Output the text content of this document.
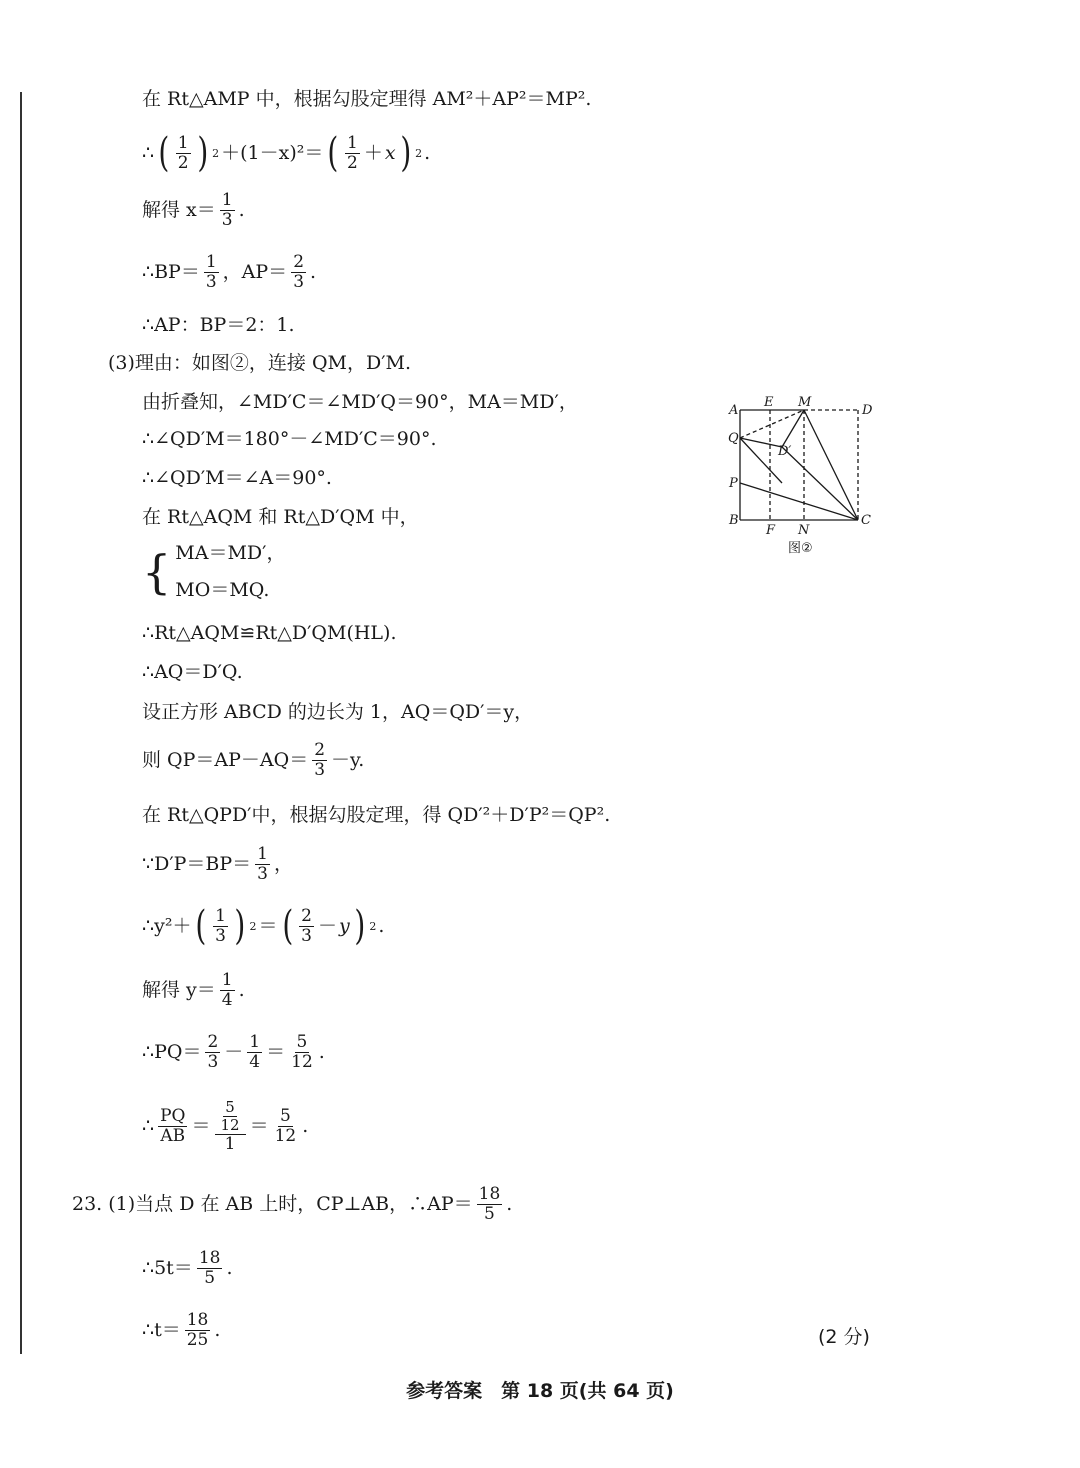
在 Rt△AMP 中，根据勾股定理得 AM²＋AP²＝MP².
∴ ( $\frac{1}{2}$ ) 2 ＋(1－x)²＝ ( $\frac{1}{2} + x$ ) 2 .
解得 $x= \frac{1}{3}$ .
∴BP＝ $\frac{1}{3}$ ，$AP= \frac{2}{3}$ .
∴AP：BP＝2：1.
(3)理由：如图②，连接 QM，D′M.
由折叠知，∠MD′C＝∠MD′Q＝90°，MA＝MD′，
∴∠QD′M＝180°－∠MD′C＝90°.
∴∠QD′M＝∠A＝90°.
在 Rt△AQM 和 Rt△D′QM 中，
{ MA＝MD′，
MO＝MQ.
∴Rt△AQM≌Rt△D′QM(HL).
∴AQ＝D′Q.
设正方形 ABCD 的边长为 1，AQ＝QD′＝y，
则 $QP=AP-AQ= \frac{2}{3} -y$.
在 Rt△QPD′中，根据勾股定理，得 QD′²＋D′P²＝QP².
∵D′P＝BP＝ $\frac{1}{3}$ ，
∴y²＋ ( $\frac{1}{3}$ ) 2 ＝ ( $\frac{2}{3} - y$ ) 2 .
解得 $y= \frac{1}{4}$ .
∴PQ＝ $\frac{2}{3} - \frac{1}{4} = \frac{5}{12}$ .
∴ $\frac{PQ}{AB} = \frac{\frac{5}{12}}{1} = \frac{5}{12}$ .
23. (1)当点 D 在 AB 上时，CP⊥AB，∴AP＝ $\frac{18}{5}$ .
∴5t＝ $\frac{18}{5}$ .
∴t＝ $\frac{18}{25}$ .	(2 分)
A
E M
D
Q
D′
P
B
F N
C
图②
参考答案　第 18 页(共 64 页)
